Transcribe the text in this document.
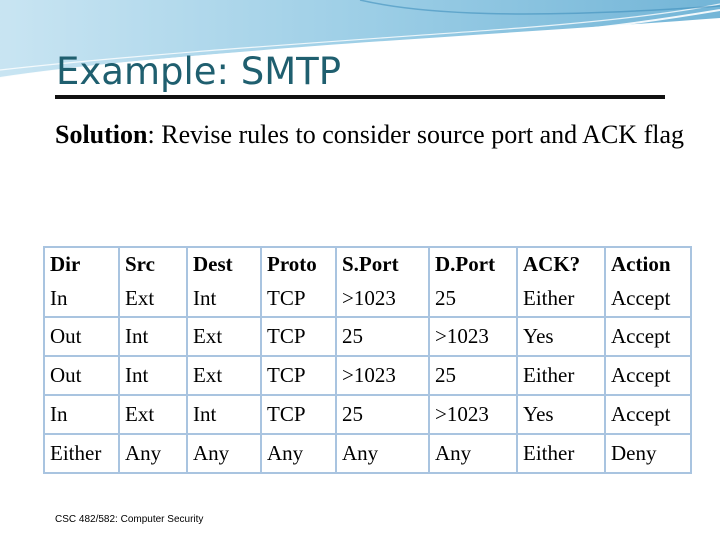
Example: SMTP
Solution: Revise rules to consider source port and ACK flag
Dir	Src	Dest	Proto	S.Port	D.Port	ACK?	Action
In	Ext	Int	TCP	>1023	25	Either	Accept
Out	Int	Ext	TCP	25	>1023	Yes	Accept
Out	Int	Ext	TCP	>1023	25	Either	Accept
In	Ext	Int	TCP	25	>1023	Yes	Accept
Either	Any	Any	Any	Any	Any	Either	Deny
CSC 482/582: Computer Security
